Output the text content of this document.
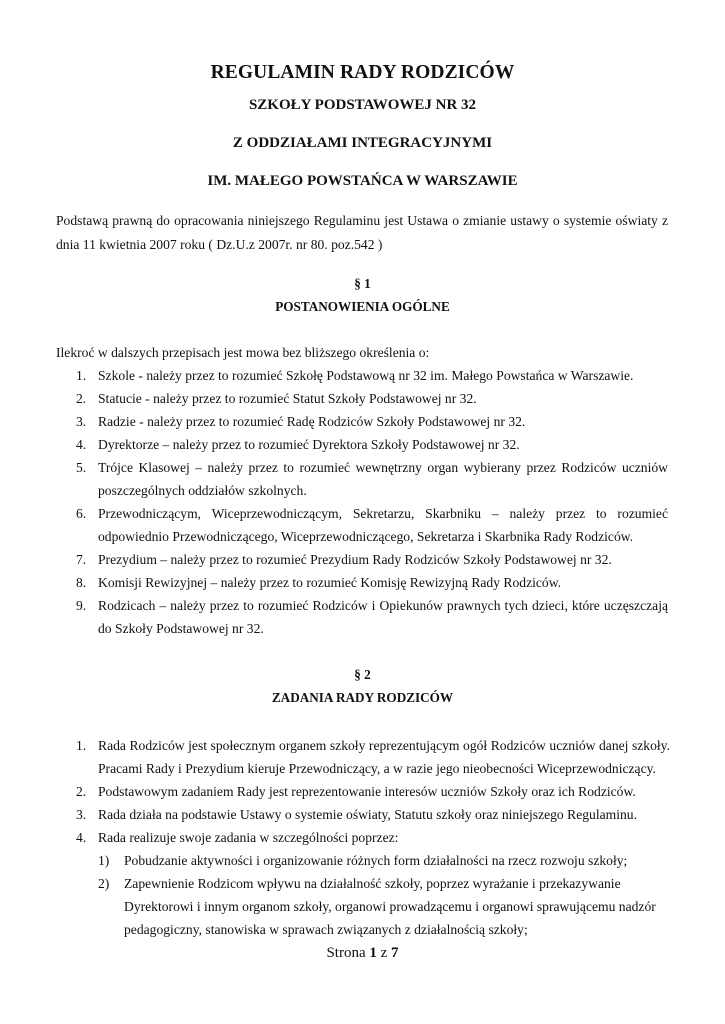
REGULAMIN RADY RODZICÓW
SZKOŁY PODSTAWOWEJ NR 32
Z ODDZIAŁAMI INTEGRACYJNYMI
IM. MAŁEGO POWSTAŃCA W WARSZAWIE
Podstawą prawną do opracowania niniejszego Regulaminu jest Ustawa o zmianie ustawy o systemie oświaty z
dnia 11 kwietnia 2007 roku ( Dz.U.z 2007r. nr 80. poz.542 )
§ 1
POSTANOWIENIA OGÓLNE
Ilekroć w dalszych przepisach jest mowa bez bliższego określenia o:
1. Szkole - należy przez to rozumieć Szkołę Podstawową nr 32 im. Małego Powstańca w Warszawie.
2. Statucie - należy przez to rozumieć Statut Szkoły Podstawowej nr 32.
3. Radzie - należy przez to rozumieć Radę Rodziców Szkoły Podstawowej nr 32.
4. Dyrektorze – należy przez to rozumieć Dyrektora Szkoły Podstawowej nr 32.
5. Trójce Klasowej – należy przez to rozumieć wewnętrzny organ wybierany przez Rodziców uczniów
poszczególnych oddziałów szkolnych.
6. Przewodniczącym, Wiceprzewodniczącym, Sekretarzu, Skarbniku – należy przez to rozumieć
odpowiednio Przewodniczącego, Wiceprzewodniczącego, Sekretarza i Skarbnika Rady Rodziców.
7. Prezydium – należy przez to rozumieć Prezydium Rady Rodziców Szkoły Podstawowej nr 32.
8. Komisji Rewizyjnej – należy przez to rozumieć Komisję Rewizyjną Rady Rodziców.
9. Rodzicach – należy przez to rozumieć Rodziców i Opiekunów prawnych tych dzieci, które uczęszczają
do Szkoły Podstawowej nr 32.
§ 2
ZADANIA RADY RODZICÓW
1. Rada Rodziców jest społecznym organem szkoły reprezentującym ogół Rodziców uczniów danej szkoły.
Pracami Rady i Prezydium kieruje Przewodniczący, a w razie jego nieobecności Wiceprzewodniczący.
2. Podstawowym zadaniem Rady jest reprezentowanie interesów uczniów Szkoły oraz ich Rodziców.
3. Rada działa na podstawie Ustawy o systemie oświaty, Statutu szkoły oraz niniejszego Regulaminu.
4. Rada realizuje swoje zadania w szczególności poprzez:
1) Pobudzanie aktywności i organizowanie różnych form działalności na rzecz rozwoju szkoły;
2) Zapewnienie Rodzicom wpływu na działalność szkoły, poprzez wyrażanie i przekazywanie
Dyrektorowi i innym organom szkoły, organowi prowadzącemu i organowi sprawującemu nadzór
pedagogiczny, stanowiska w sprawach związanych z działalnością szkoły;
Strona 1 z 7
